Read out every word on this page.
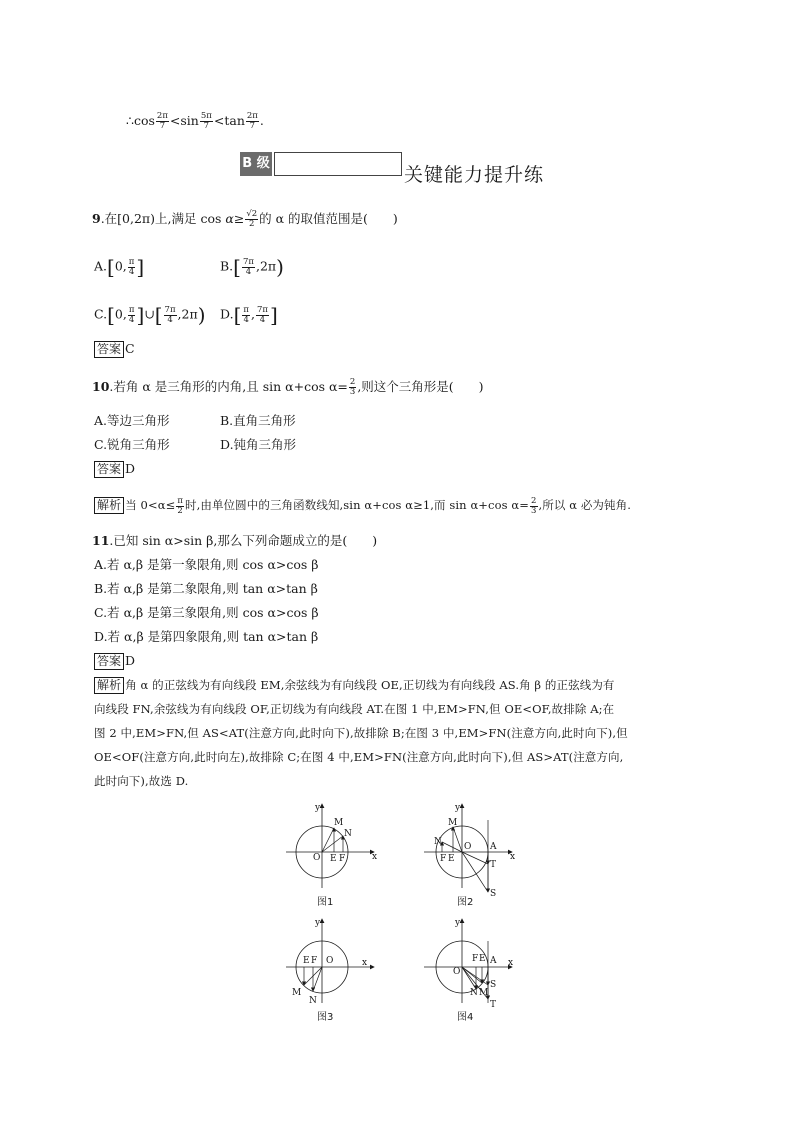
∴cos $\frac{2\pi}{7} <\sin \frac{5\pi}{7} <\tan \frac{2\pi}{7}$ .
B 级
关键能力提升练
9.在[0,2π)上,满足 $\cos \alpha\ge \frac{√2}{2}$ 的 α 的取值范围是(　　)
A.[0, $\frac{\pi}{4}$ ]	$B.[ \frac{7\pi}{4} ,2\pi)$
C.[0, $\frac{\pi}{4}$ ]∪[ $\frac{7\pi}{4} ,2\pi$) $D.[ \frac{\pi}{4}$ , $\frac{7\pi}{4}$ ]
答案 C
10.若角 α 是三角形的内角,且 sin α+cos $\alpha= \frac{2}{3}$ ,则这个三角形是(　　)
A.等边三角形	B.直角三角形
C.锐角三角形	D.钝角三角形
答案 D
解析 当 $0<\alpha\le \frac{\pi}{2}$ 时,由单位圆中的三角函数线知,sin α+cos α≥1,而 sin α+cos $\alpha= \frac{2}{3}$ ,所以 α 必为钝角.
11.已知 sin α>sin β,那么下列命题成立的是(　　)
A.若 α,β 是第一象限角,则 cos α>cos β
B.若 α,β 是第二象限角,则 tan α>tan β
C.若 α,β 是第三象限角,则 cos α>cos β
D.若 α,β 是第四象限角,则 tan α>tan β
答案 D
解析 角 α 的正弦线为有向线段 EM,余弦线为有向线段 OE,正切线为有向线段 AS.角 β 的正弦线为有
向线段 FN,余弦线为有向线段 OF,正切线为有向线段 AT.在图 1 中,EM>FN,但 OE<OF,故排除 A;在
图 2 中,EM>FN,但 AS<AT(注意方向,此时向下),故排除 B;在图 3 中,EM>FN(注意方向,此时向下),但
OE<OF(注意方向,此时向左),故排除 C;在图 4 中,EM>FN(注意方向,此时向下),但 AS>AT(注意方向,
此时向下),故选 D.
M
N
O E F	x
y
图1
M
N
F E
O A
T
S
x
y
图2
E F O
M
N
x
y
图3
O
F E A
N M
S
T
x
y
图4
